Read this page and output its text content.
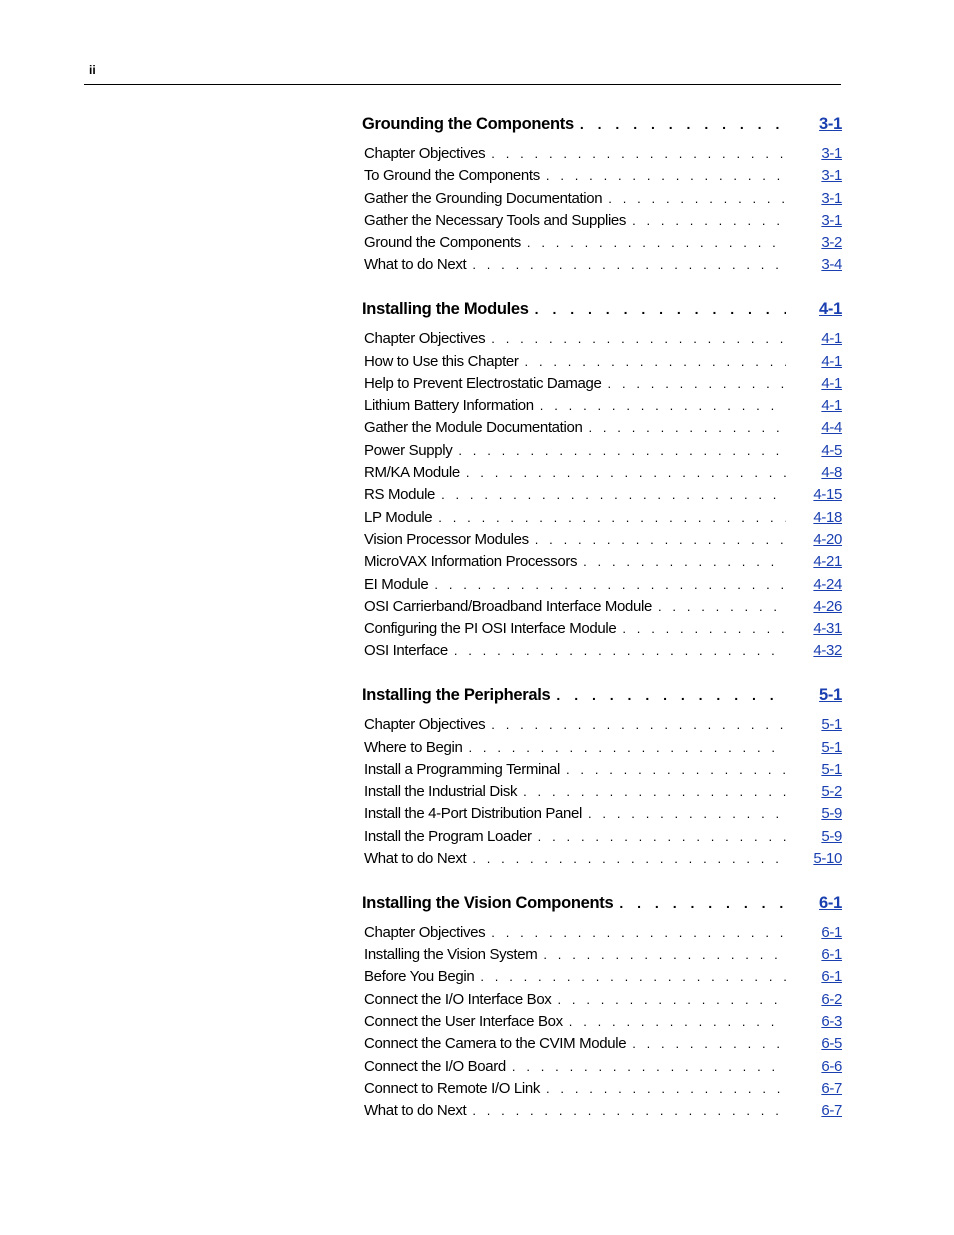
ii
Grounding the Components . . .	3-1
Chapter Objectives . . .	3-1
To Ground the Components . . .	3-1
Gather the Grounding Documentation . . .	3-1
Gather the Necessary Tools and Supplies . . .	3-1
Ground the Components . . .	3-2
What to do Next . . .	3-4
Installing the Modules . . .	4-1
Chapter Objectives . . .	4-1
How to Use this Chapter . . .	4-1
Help to Prevent Electrostatic Damage . . .	4-1
Lithium Battery Information . . .	4-1
Gather the Module Documentation . . .	4-4
Power Supply . . .	4-5
RM/KA Module . . .	4-8
RS Module . . .	4-15
LP Module . . .	4-18
Vision Processor Modules . . .	4-20
MicroVAX Information Processors . . .	4-21
EI Module . . .	4-24
OSI Carrierband/Broadband Interface Module . . .	4-26
Configuring the PI OSI Interface Module . . .	4-31
OSI Interface . . .	4-32
Installing the Peripherals . . .	5-1
Chapter Objectives . . .	5-1
Where to Begin . . .	5-1
Install a Programming Terminal . . .	5-1
Install the Industrial Disk . . .	5-2
Install the 4-Port Distribution Panel . . .	5-9
Install the Program Loader . . .	5-9
What to do Next . . .	5-10
Installing the Vision Components . . .	6-1
Chapter Objectives . . .	6-1
Installing the Vision System . . .	6-1
Before You Begin . . .	6-1
Connect the I/O Interface Box . . .	6-2
Connect the User Interface Box . . .	6-3
Connect the Camera to the CVIM Module . . .	6-5
Connect the I/O Board . . .	6-6
Connect to Remote I/O Link . . .	6-7
What to do Next . . .	6-7
